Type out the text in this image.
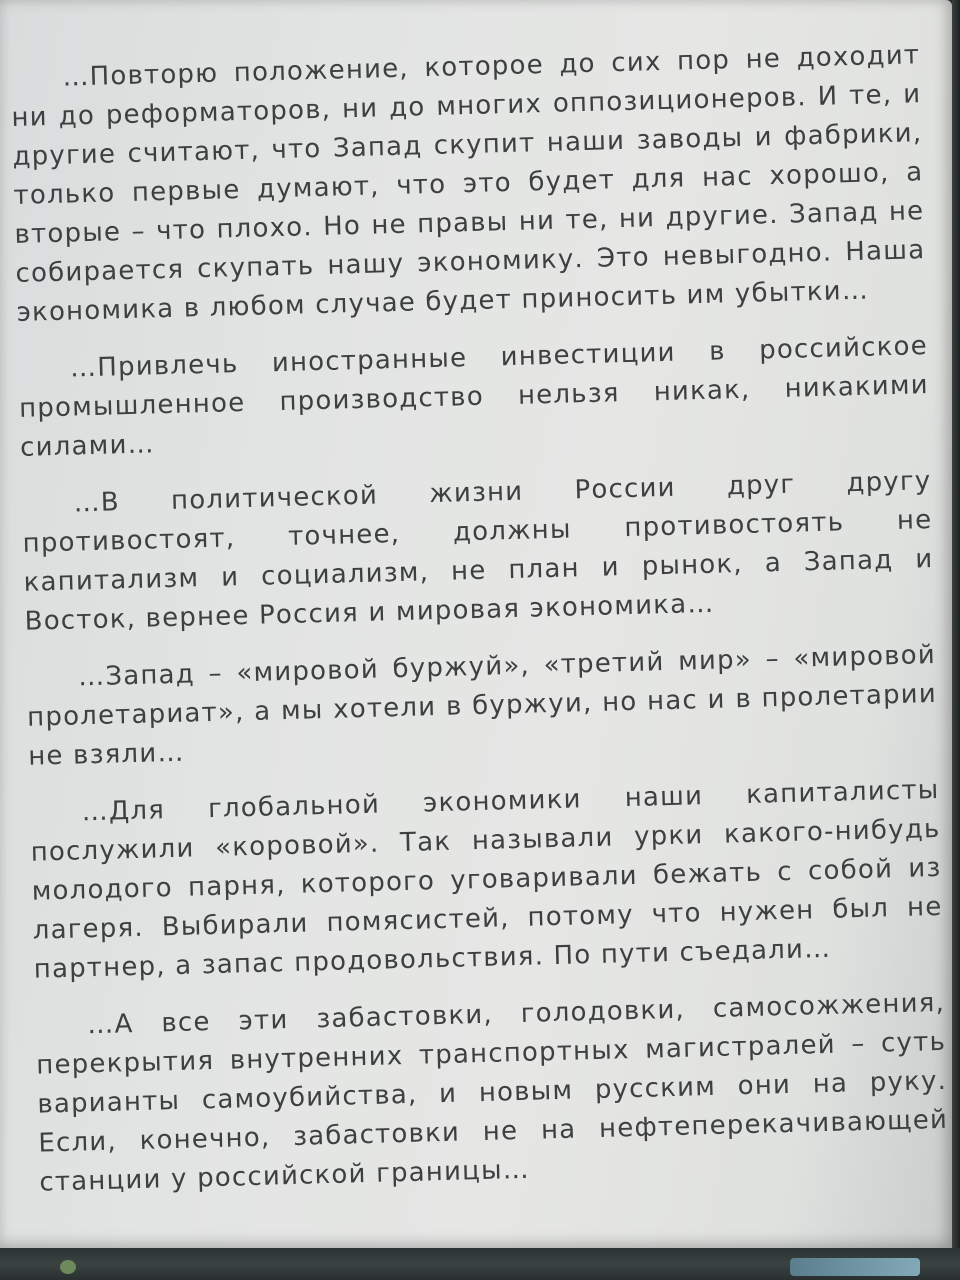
…Повторю положение, которое до сих пор не доходит ни до реформаторов, ни до многих оппозиционеров. И те, и другие считают, что Запад скупит наши заводы и фабрики, только первые думают, что это будет для нас хорошо, а вторые – что плохо. Но не правы ни те, ни другие. Запад не собирается скупать нашу экономику. Это невыгодно. Наша экономика в любом случае будет приносить им убытки…

…Привлечь иностранные инвестиции в российское промышленное производство нельзя никак, никакими силами…

…В политической жизни России друг другу противостоят, точнее, должны противостоять не капитализм и социализм, не план и рынок, а Запад и Восток, вернее Россия и мировая экономика…

…Запад – «мировой буржуй», «третий мир» – «мировой пролетариат», а мы хотели в буржуи, но нас и в пролетарии не взяли…

…Для глобальной экономики наши капиталисты послужили «коровой». Так называли урки какого-нибудь молодого парня, которого уговаривали бежать с собой из лагеря. Выбирали помясистей, потому что нужен был не партнер, а запас продовольствия. По пути съедали…

…А все эти забастовки, голодовки, самосожжения, перекрытия внутренних транспортных магистралей – суть варианты самоубийства, и новым русским они на руку. Если, конечно, забастовки не на нефтеперекачивающей станции у российской границы…
